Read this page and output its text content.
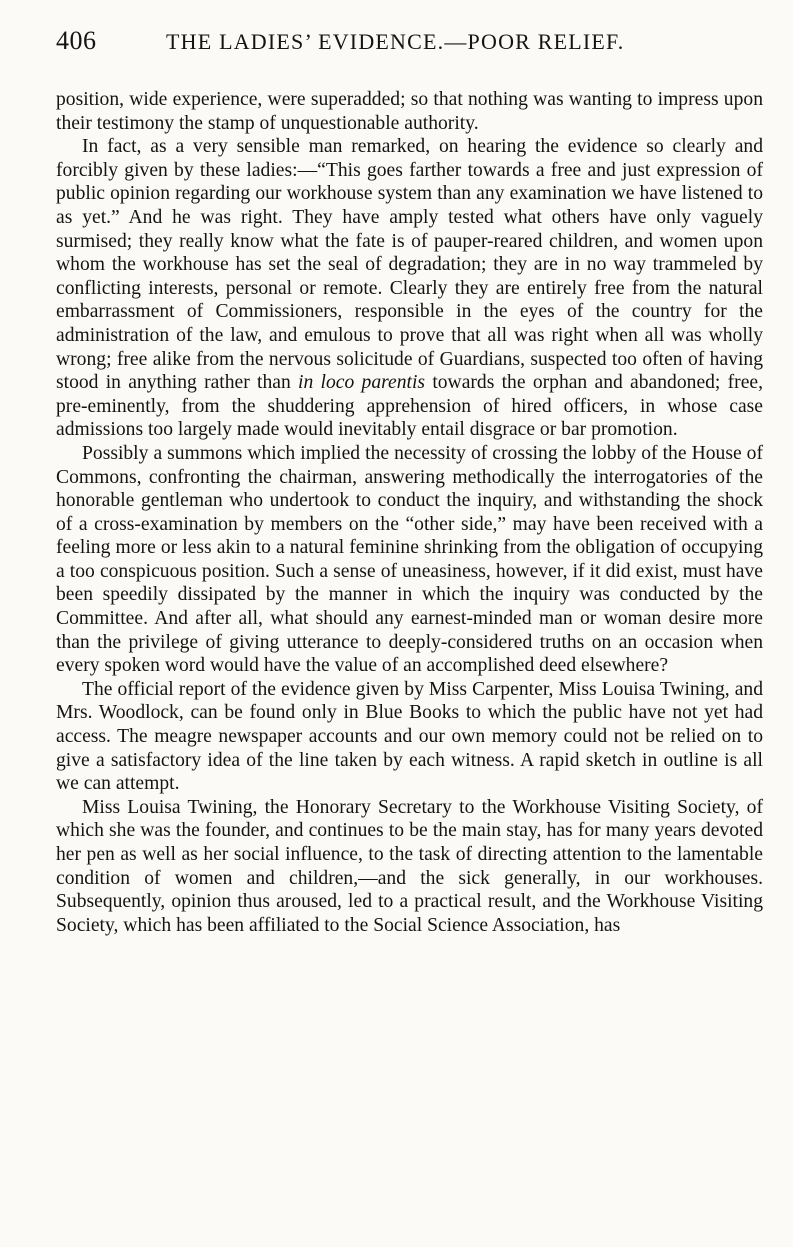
406	THE LADIES’ EVIDENCE.—POOR RELIEF.

position, wide experience, were superadded; so that nothing was wanting to impress upon their testimony the stamp of unquestionable authority.

In fact, as a very sensible man remarked, on hearing the evidence so clearly and forcibly given by these ladies:—“This goes farther towards a free and just expression of public opinion regarding our workhouse system than any examination we have listened to as yet.” And he was right. They have amply tested what others have only vaguely surmised; they really know what the fate is of pauper-reared children, and women upon whom the workhouse has set the seal of degradation; they are in no way trammeled by conflicting interests, personal or remote. Clearly they are entirely free from the natural embarrassment of Commissioners, responsible in the eyes of the country for the administration of the law, and emulous to prove that all was right when all was wholly wrong; free alike from the nervous solicitude of Guardians, suspected too often of having stood in anything rather than in loco parentis towards the orphan and abandoned; free, pre-eminently, from the shuddering apprehension of hired officers, in whose case admissions too largely made would inevitably entail disgrace or bar promotion.

Possibly a summons which implied the necessity of crossing the lobby of the House of Commons, confronting the chairman, answering methodically the interrogatories of the honorable gentleman who undertook to conduct the inquiry, and withstanding the shock of a cross-examination by members on the “other side,” may have been received with a feeling more or less akin to a natural feminine shrinking from the obligation of occupying a too conspicuous position. Such a sense of uneasiness, however, if it did exist, must have been speedily dissipated by the manner in which the inquiry was conducted by the Committee. And after all, what should any earnest-minded man or woman desire more than the privilege of giving utterance to deeply-considered truths on an occasion when every spoken word would have the value of an accomplished deed elsewhere?

The official report of the evidence given by Miss Carpenter, Miss Louisa Twining, and Mrs. Woodlock, can be found only in Blue Books to which the public have not yet had access. The meagre newspaper accounts and our own memory could not be relied on to give a satisfactory idea of the line taken by each witness. A rapid sketch in outline is all we can attempt.

Miss Louisa Twining, the Honorary Secretary to the Workhouse Visiting Society, of which she was the founder, and continues to be the main stay, has for many years devoted her pen as well as her social influence, to the task of directing attention to the lamentable condition of women and children,—and the sick generally, in our workhouses. Subsequently, opinion thus aroused, led to a practical result, and the Workhouse Visiting Society, which has been affiliated to the Social Science Association, has
